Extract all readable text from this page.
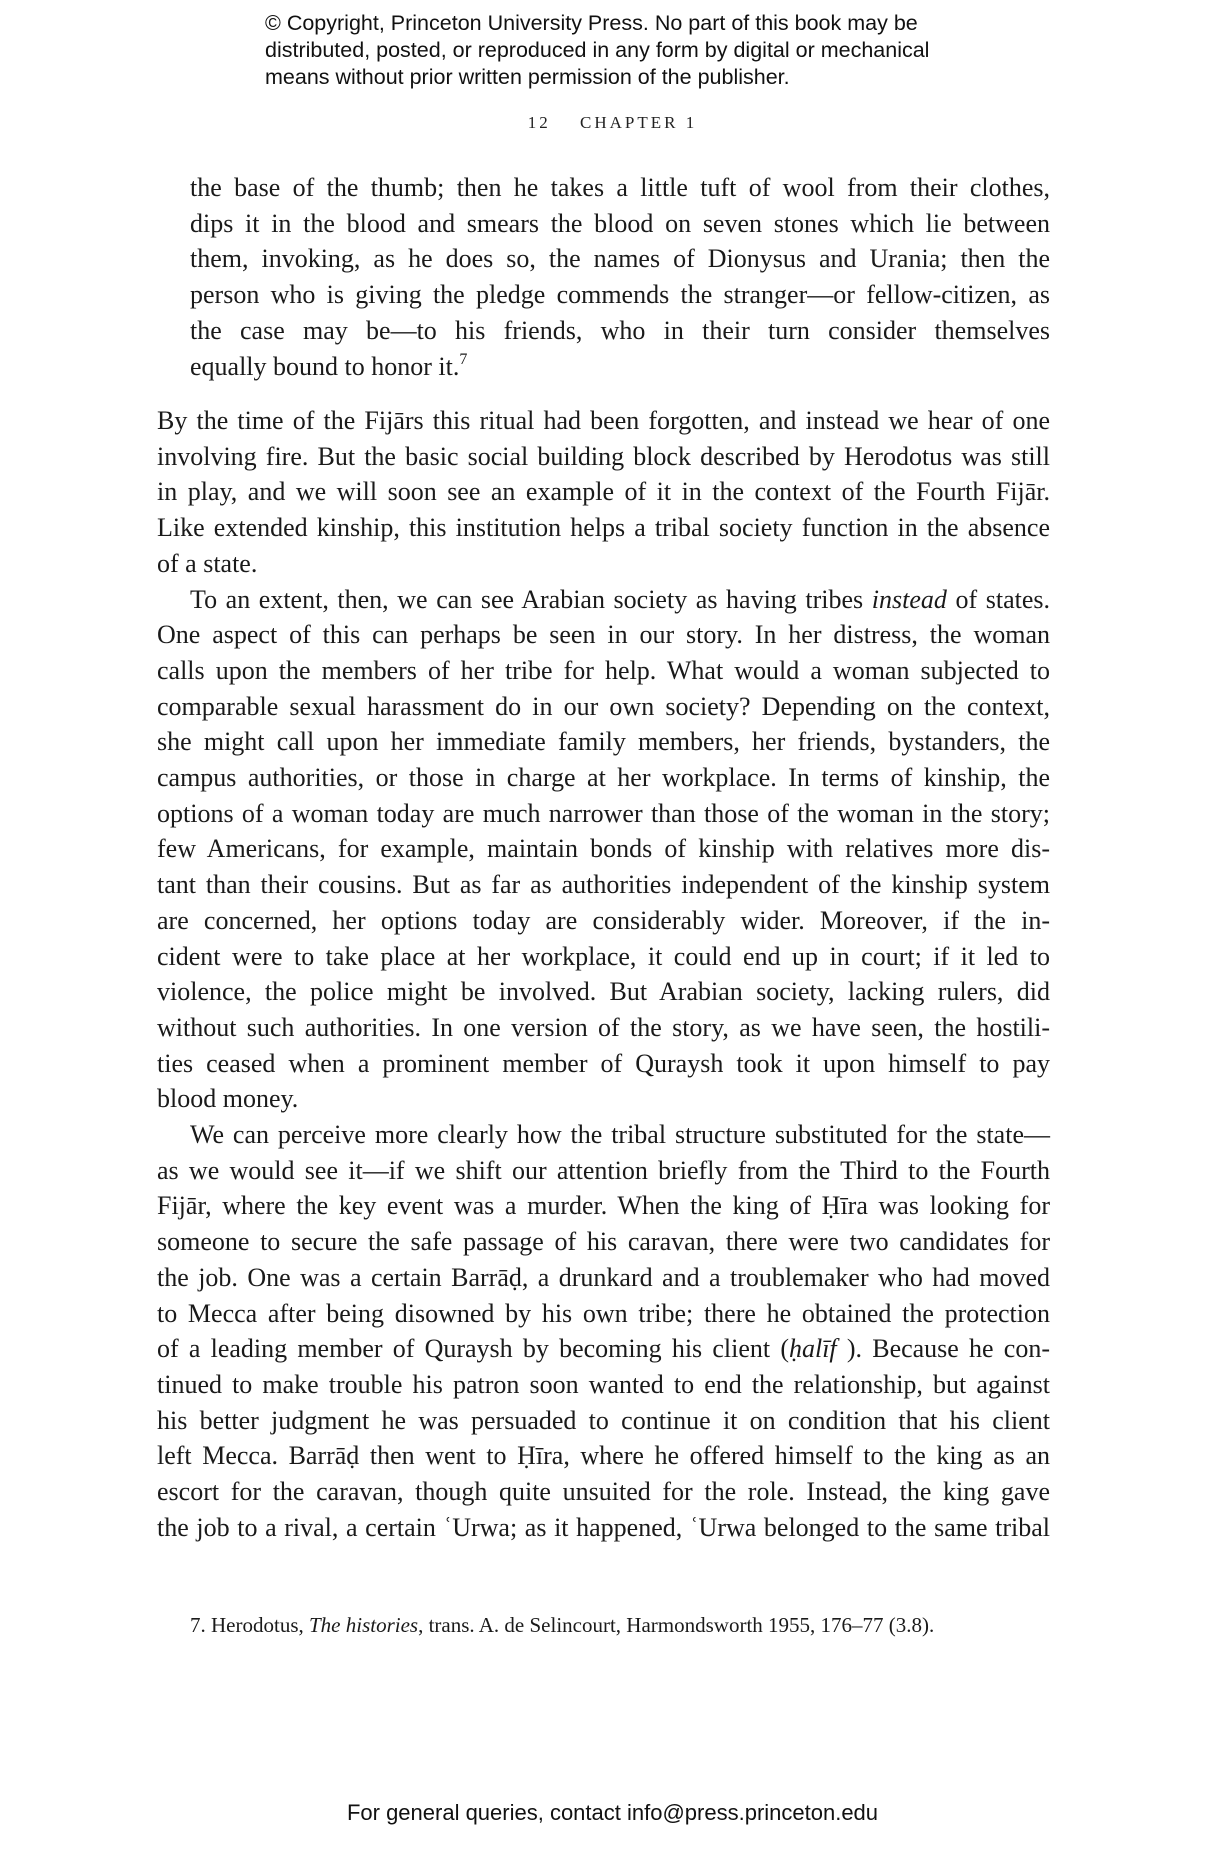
© Copyright, Princeton University Press. No part of this book may be
distributed, posted, or reproduced in any form by digital or mechanical
means without prior written permission of the publisher.
12 CHAPTER 1
the base of the thumb; then he takes a little tuft of wool from their clothes,
dips it in the blood and smears the blood on seven stones which lie between
them, invoking, as he does so, the names of Dionysus and Urania; then the
person who is giving the pledge commends the stranger—or fellow-citizen, as
the case may be—to his friends, who in their turn consider themselves
equally bound to honor it.$^7$
By the time of the Fijārs this ritual had been forgotten, and instead we hear of one
involving fire. But the basic social building block described by Herodotus was still
in play, and we will soon see an example of it in the context of the Fourth Fijār.
Like extended kinship, this institution helps a tribal society function in the absence
of a state.
To an extent, then, we can see Arabian society as having tribes instead of states.
One aspect of this can perhaps be seen in our story. In her distress, the woman
calls upon the members of her tribe for help. What would a woman subjected to
comparable sexual harassment do in our own society? Depending on the context,
she might call upon her immediate family members, her friends, bystanders, the
campus authorities, or those in charge at her workplace. In terms of kinship, the
options of a woman today are much narrower than those of the woman in the story;
few Americans, for example, maintain bonds of kinship with relatives more dis-
tant than their cousins. But as far as authorities independent of the kinship system
are concerned, her options today are considerably wider. Moreover, if the in-
cident were to take place at her workplace, it could end up in court; if it led to
violence, the police might be involved. But Arabian society, lacking rulers, did
without such authorities. In one version of the story, as we have seen, the hostili-
ties ceased when a prominent member of Quraysh took it upon himself to pay
blood money.
We can perceive more clearly how the tribal structure substituted for the state—
as we would see it—if we shift our attention briefly from the Third to the Fourth
Fijār, where the key event was a murder. When the king of Ḥīra was looking for
someone to secure the safe passage of his caravan, there were two candidates for
the job. One was a certain Barrāḍ, a drunkard and a troublemaker who had moved
to Mecca after being disowned by his own tribe; there he obtained the protection
of a leading member of Quraysh by becoming his client (ḥalīf ). Because he con-
tinued to make trouble his patron soon wanted to end the relationship, but against
his better judgment he was persuaded to continue it on condition that his client
left Mecca. Barrāḍ then went to Ḥīra, where he offered himself to the king as an
escort for the caravan, though quite unsuited for the role. Instead, the king gave
the job to a rival, a certain ʿUrwa; as it happened, ʿUrwa belonged to the same tribal
7. Herodotus, The histories, trans. A. de Selincourt, Harmondsworth 1955, 176–77 (3.8).
For general queries, contact info@press.princeton.edu
